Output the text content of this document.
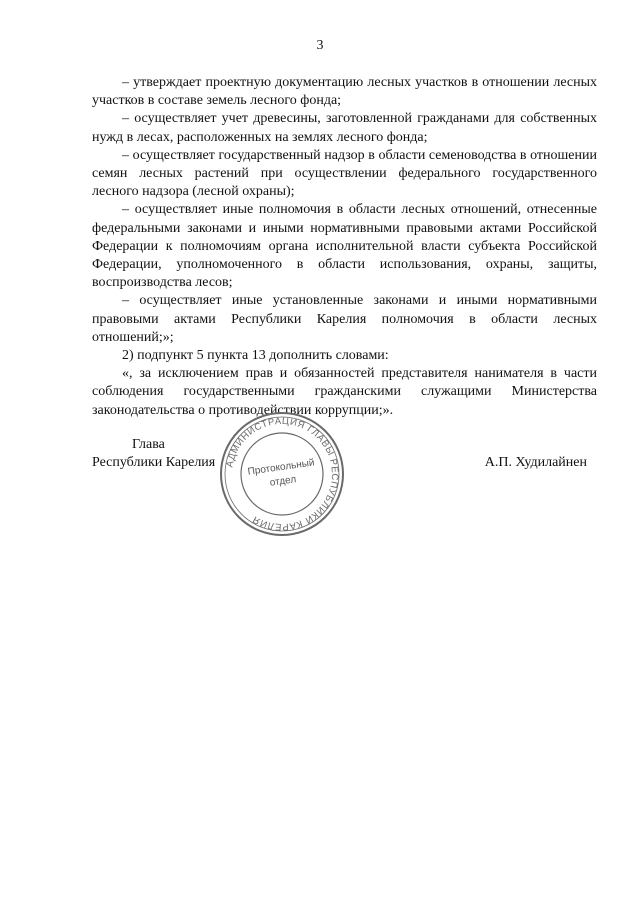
3

– утверждает проектную документацию лесных участков в отношении лесных участков в составе земель лесного фонда;

– осуществляет учет древесины, заготовленной гражданами для собственных нужд в лесах, расположенных на землях лесного фонда;

– осуществляет государственный надзор в области семеноводства в отношении семян лесных растений при осуществлении федерального государственного лесного надзора (лесной охраны);

– осуществляет иные полномочия в области лесных отношений, отнесенные федеральными законами и иными нормативными правовыми актами Российской Федерации к полномочиям органа исполнительной власти субъекта Российской Федерации, уполномоченного в области использования, охраны, защиты, воспроизводства лесов;

– осуществляет иные установленные законами и иными нормативными правовыми актами Республики Карелия полномочия в области лесных отношений;»;

2) подпункт 5 пункта 13 дополнить словами:

«, за исключением прав и обязанностей представителя нанимателя в части соблюдения государственными гражданскими служащими Министерства законодательства о противодействии коррупции;».

Глава
Республики Карелия	А.П. Худилайнен
АДМИНИСТРАЦИЯ ГЛАВЫ РЕСПУБЛИКИ КАРЕЛИЯ
Протокольный
отдел
